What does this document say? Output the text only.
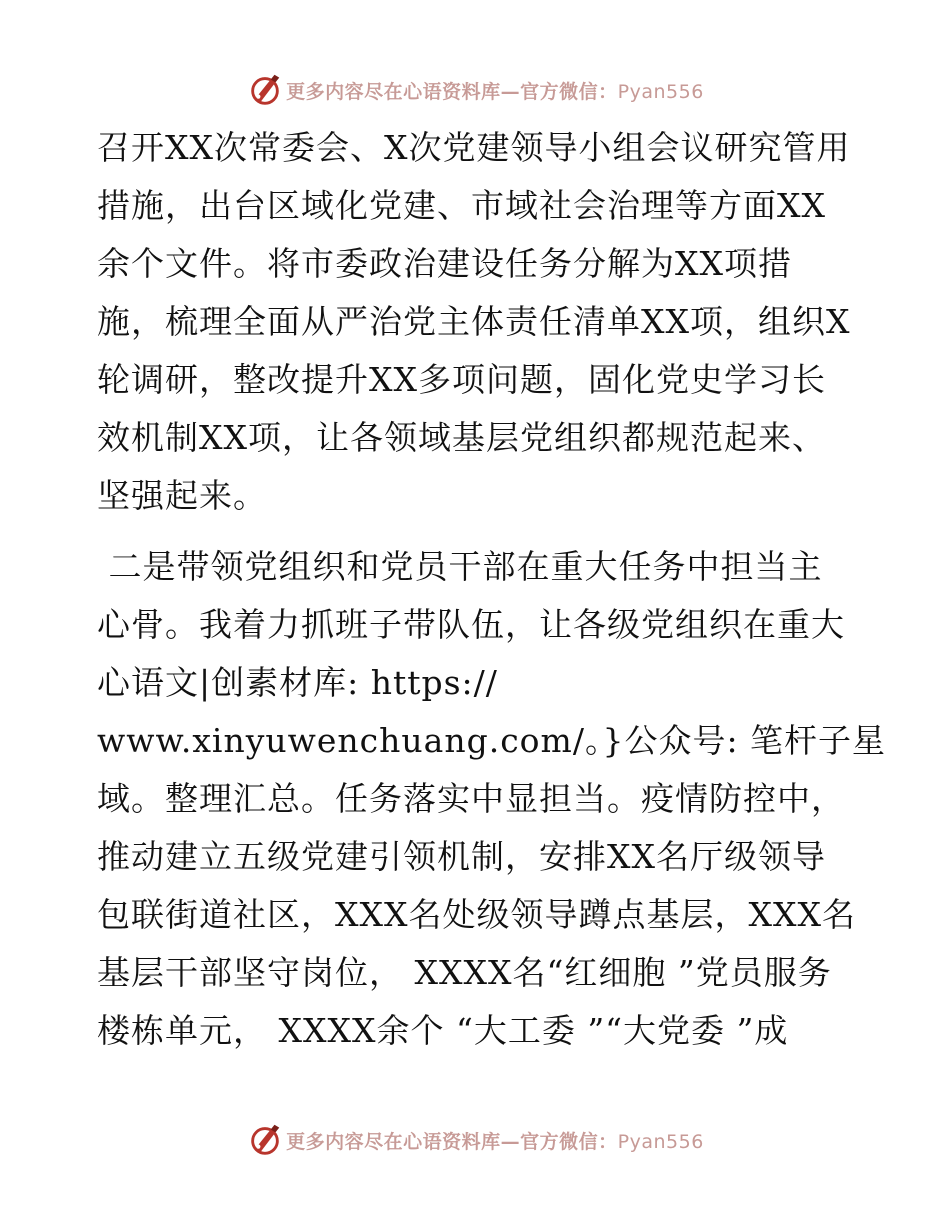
更多内容尽在心语资料库—官方微信：Pyan556
召开XX次常委会、X次党建领导小组会议研究管用
措施，出台区域化党建、市域社会治理等方面XX
余个文件。将市委政治建设任务分解为XX项措
施，梳理全面从严治党主体责任清单XX项，组织X
轮调研，整改提升XX多项问题，固化党史学习长
效机制XX项，让各领域基层党组织都规范起来、
坚强起来。
二是带领党组织和党员干部在重大任务中担当主
心骨。我着力抓班子带队伍，让各级党组织在重大
心语文|创素材库: https://
www.xinyuwenchuang.com/。}公众号: 笔杆子星
域。整理汇总。任务落实中显担当。疫情防控中，
推动建立五级党建引领机制，安排XX名厅级领导
包联街道社区，XXX名处级领导蹲点基层，XXX名
基层干部坚守岗位， XXXX名“红细胞 ”党员服务
楼栋单元， XXXX余个 “大工委 ”“大党委 ”成
更多内容尽在心语资料库—官方微信：Pyan556
